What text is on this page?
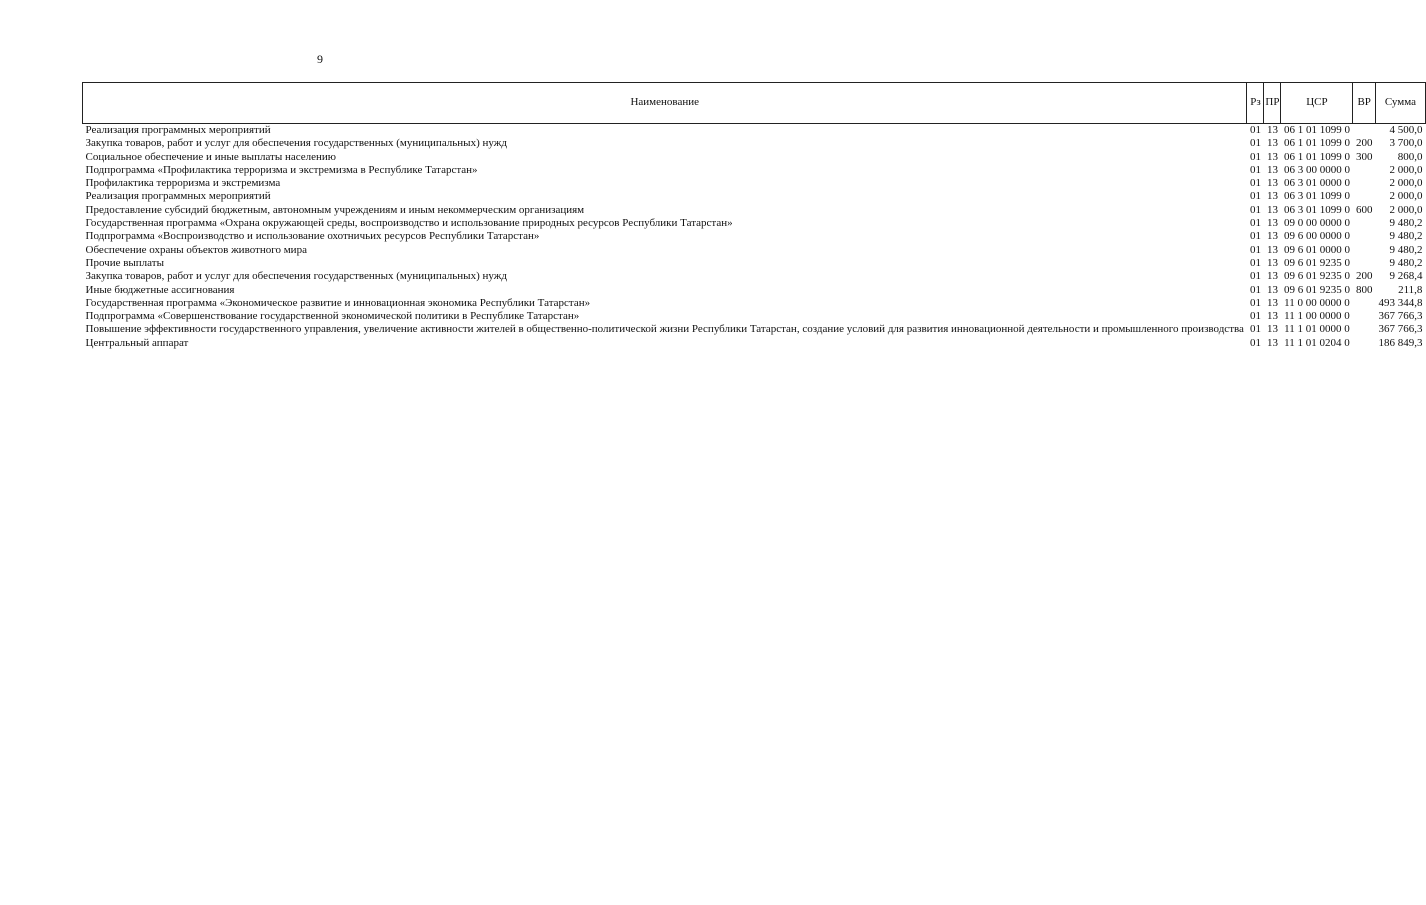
9
Наименование	Рз	ПР	ЦСР	ВР	Сумма
Реализация программных мероприятий	01	13	06 1 01 1099 0		4 500,0
Закупка товаров, работ и услуг для обеспечения государственных (муниципальных) нужд	01	13	06 1 01 1099 0	200	3 700,0
Социальное обеспечение и иные выплаты населению	01	13	06 1 01 1099 0	300	800,0
Подпрограмма «Профилактика терроризма и экстремизма в Республике Татарстан»	01	13	06 3 00 0000 0		2 000,0
Профилактика терроризма и экстремизма	01	13	06 3 01 0000 0		2 000,0
Реализация программных мероприятий	01	13	06 3 01 1099 0		2 000,0
Предоставление субсидий бюджетным, автономным учреждениям и иным некоммерческим организациям	01	13	06 3 01 1099 0	600	2 000,0
Государственная программа «Охрана окружающей среды, воспроизводство и использование природных ресурсов Республики Татарстан»	01	13	09 0 00 0000 0		9 480,2
Подпрограмма «Воспроизводство и использование охотничьих ресурсов Республики Татарстан»	01	13	09 6 00 0000 0		9 480,2
Обеспечение охраны объектов животного мира	01	13	09 6 01 0000 0		9 480,2
Прочие выплаты	01	13	09 6 01 9235 0		9 480,2
Закупка товаров, работ и услуг для обеспечения государственных (муниципальных) нужд	01	13	09 6 01 9235 0	200	9 268,4
Иные бюджетные ассигнования	01	13	09 6 01 9235 0	800	211,8
Государственная программа «Экономическое развитие и инновационная экономика Республики Татарстан»	01	13	11 0 00 0000 0		493 344,8
Подпрограмма «Совершенствование государственной экономической политики в Республике Татарстан»	01	13	11 1 00 0000 0		367 766,3
Повышение эффективности государственного управления, увеличение активности жителей в общественно-политической жизни Республики Татарстан, создание условий для развития инновационной деятельности и промышленного производства	01	13	11 1 01 0000 0		367 766,3
Центральный аппарат	01	13	11 1 01 0204 0		186 849,3
